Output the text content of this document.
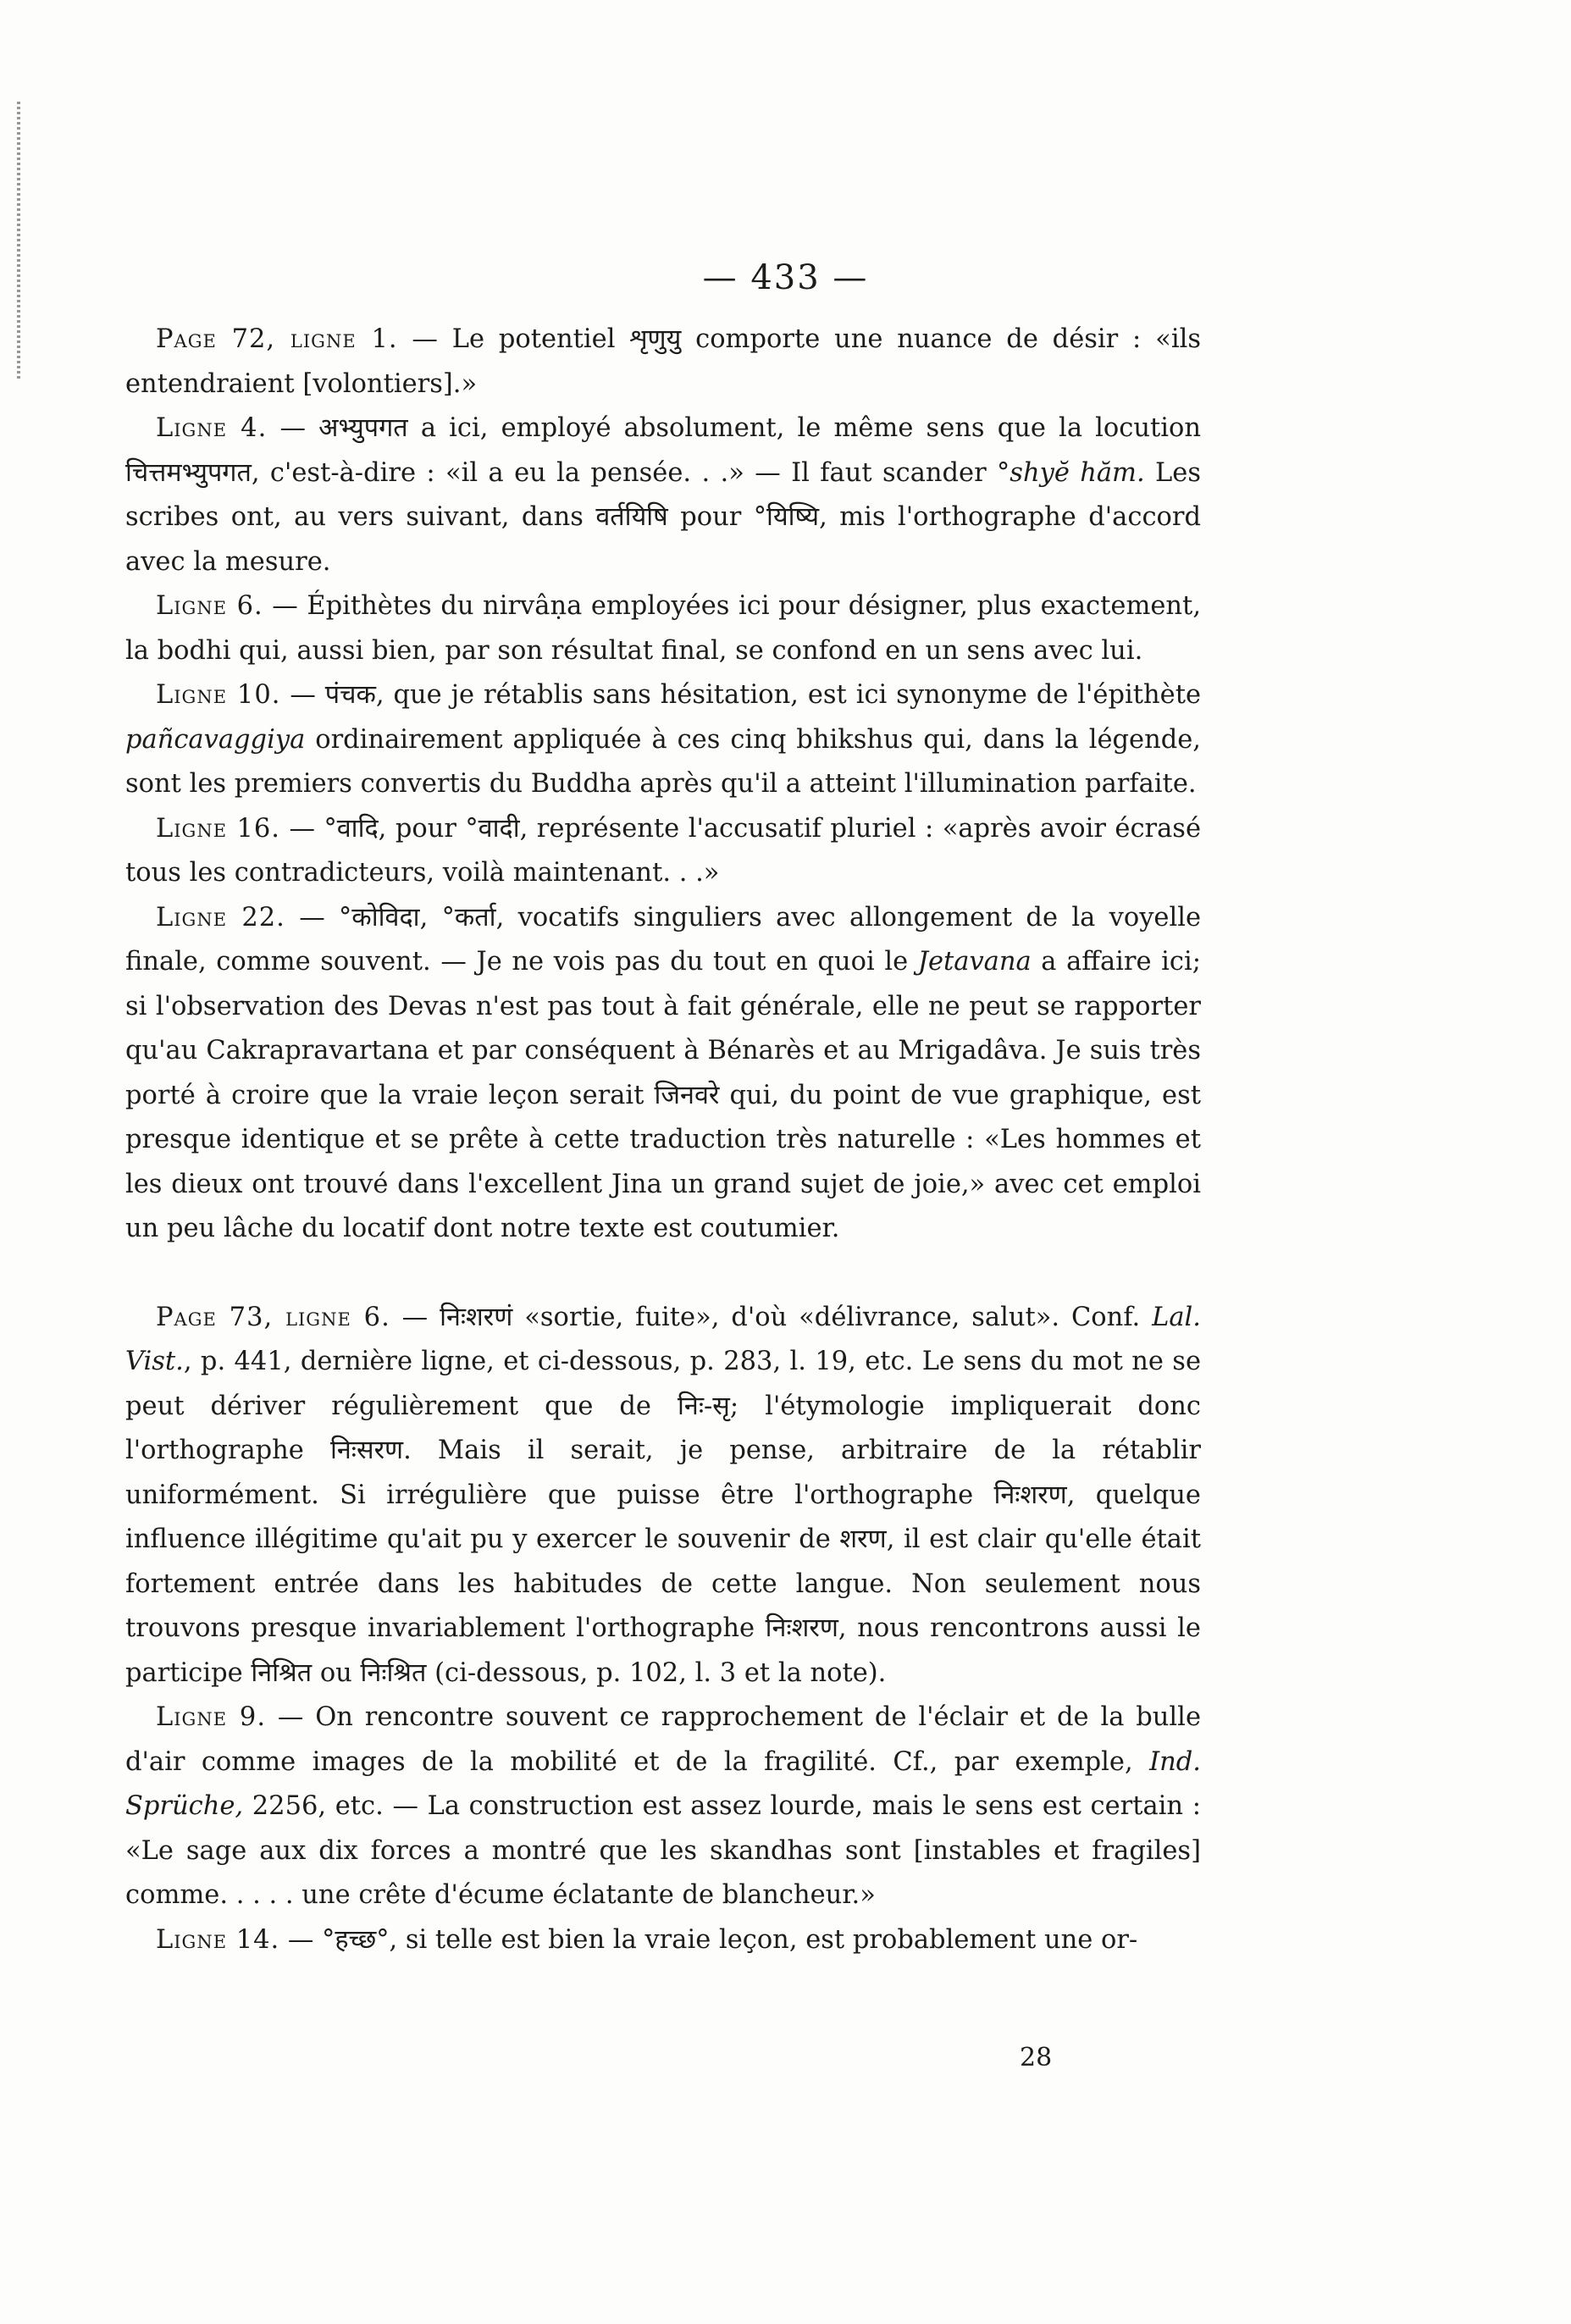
— 433 —

Page 72, ligne 1. — Le potentiel शृणुयु comporte une nuance de désir : «ils entendraient [volontiers].»

Ligne 4. — अभ्युपगत a ici, employé absolument, le même sens que la locution चित्तमभ्युपगत, c'est-à-dire : «il a eu la pensée. . .» — Il faut scander °shyĕ hăm. Les scribes ont, au vers suivant, dans वर्तयिषि pour °यिष्यि, mis l'orthographe d'accord avec la mesure.

Ligne 6. — Épithètes du nirvâṇa employées ici pour désigner, plus exactement, la bodhi qui, aussi bien, par son résultat final, se confond en un sens avec lui.

Ligne 10. — पंचक, que je rétablis sans hésitation, est ici synonyme de l'épithète pañcavaggiya ordinairement appliquée à ces cinq bhikshus qui, dans la légende, sont les premiers convertis du Buddha après qu'il a atteint l'illumination parfaite.

Ligne 16. — °वादि, pour °वादी, représente l'accusatif pluriel : «après avoir écrasé tous les contradicteurs, voilà maintenant. . .»

Ligne 22. — °कोविदा, °कर्ता, vocatifs singuliers avec allongement de la voyelle finale, comme souvent. — Je ne vois pas du tout en quoi le Jetavana a affaire ici; si l'observation des Devas n'est pas tout à fait générale, elle ne peut se rapporter qu'au Cakrapravartana et par conséquent à Bénarès et au Mrigadâva. Je suis très porté à croire que la vraie leçon serait जिनवरे qui, du point de vue graphique, est presque identique et se prête à cette traduction très naturelle : «Les hommes et les dieux ont trouvé dans l'excellent Jina un grand sujet de joie,» avec cet emploi un peu lâche du locatif dont notre texte est coutumier.

Page 73, ligne 6. — निःशरणं «sortie, fuite», d'où «délivrance, salut». Conf. Lal. Vist., p. 441, dernière ligne, et ci-dessous, p. 283, l. 19, etc. Le sens du mot ne se peut dériver régulièrement que de निः-सृ; l'étymologie impliquerait donc l'orthographe निःसरण. Mais il serait, je pense, arbitraire de la rétablir uniformément. Si irrégulière que puisse être l'orthographe निःशरण, quelque influence illégitime qu'ait pu y exercer le souvenir de शरण, il est clair qu'elle était fortement entrée dans les habitudes de cette langue. Non seulement nous trouvons presque invariablement l'orthographe निःशरण, nous rencontrons aussi le participe निश्रित ou निःश्रित (ci-dessous, p. 102, l. 3 et la note).

Ligne 9. — On rencontre souvent ce rapprochement de l'éclair et de la bulle d'air comme images de la mobilité et de la fragilité. Cf., par exemple, Ind. Sprüche, 2256, etc. — La construction est assez lourde, mais le sens est certain : «Le sage aux dix forces a montré que les skandhas sont [instables et fragiles] comme. . . . . une crête d'écume éclatante de blancheur.»

Ligne 14. — °हच्छ°, si telle est bien la vraie leçon, est probablement une or-

28
